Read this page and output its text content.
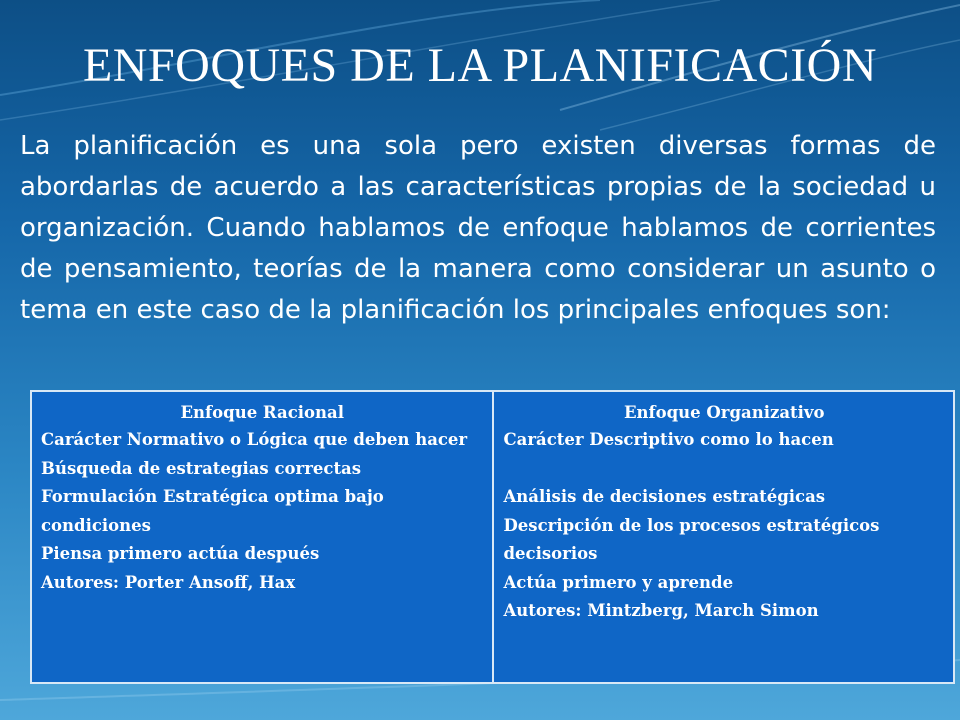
ENFOQUES DE LA PLANIFICACIÓN
La planificación es una sola pero existen diversas formas de abordarlas de acuerdo a las características propias de la sociedad u organización. Cuando hablamos de enfoque hablamos de corrientes de pensamiento, teorías de la manera como considerar un asunto o tema en este caso de la planificación los principales enfoques son:
Enfoque Racional
Carácter Normativo o Lógica que deben hacer
Búsqueda de estrategias correctas
Formulación Estratégica optima bajo condiciones
Piensa primero actúa después
Autores: Porter Ansoff, Hax
Enfoque Organizativo
Carácter Descriptivo como lo hacen

Análisis de decisiones estratégicas
Descripción de los procesos estratégicos decisorios
Actúa primero y aprende
Autores: Mintzberg, March Simon
